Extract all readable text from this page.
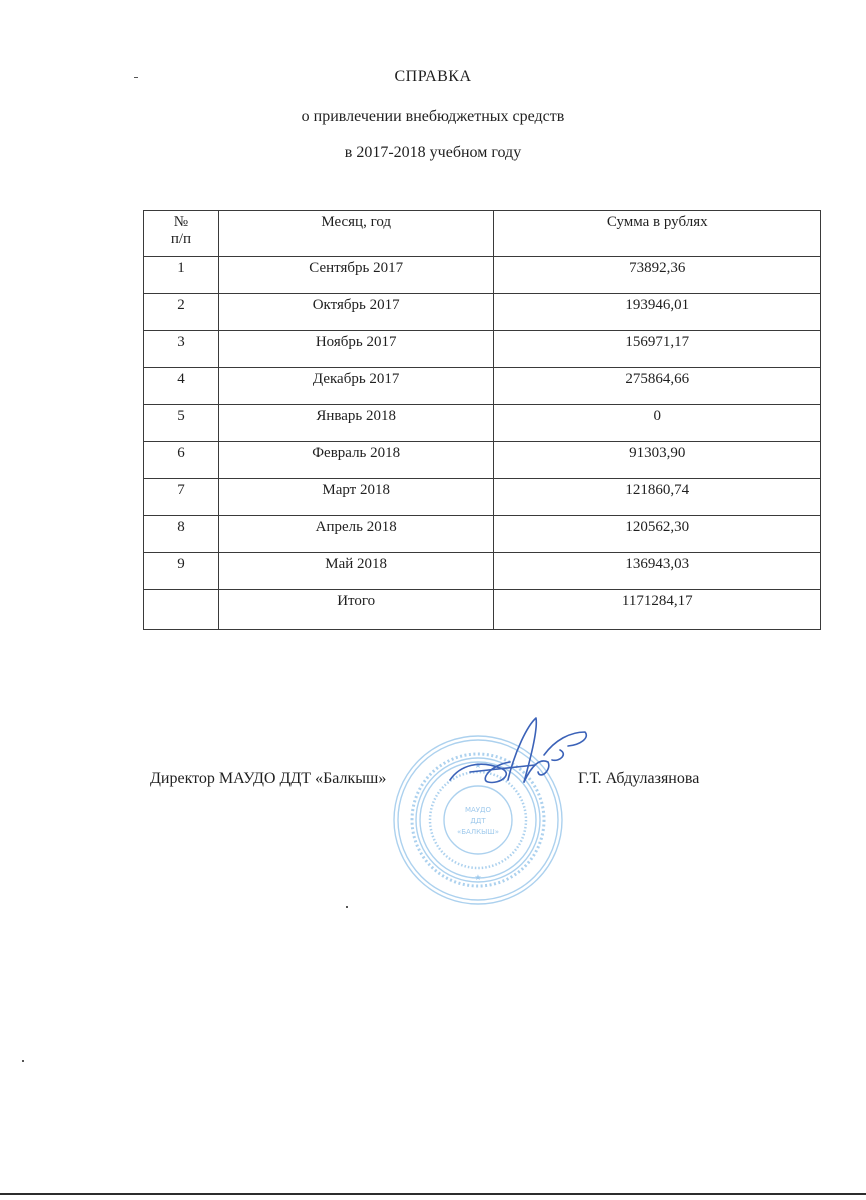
СПРАВКА
о привлечении внебюджетных средств
в 2017-2018 учебном году
№
п/п	Месяц, год	Сумма в рублях
1	Сентябрь 2017	73892,36
2	Октябрь 2017	193946,01
3	Ноябрь 2017	156971,17
4	Декабрь 2017	275864,66
5	Январь 2018	0
6	Февраль 2018	91303,90
7	Март 2018	121860,74
8	Апрель 2018	120562,30
9	Май 2018	136943,03
	Итого	1171284,17
МАУДО
ДДТ
«БАЛКЫШ»
★
★
Директор МАУДО ДДТ «Балкыш»	Г.Т. Абдулазянова
